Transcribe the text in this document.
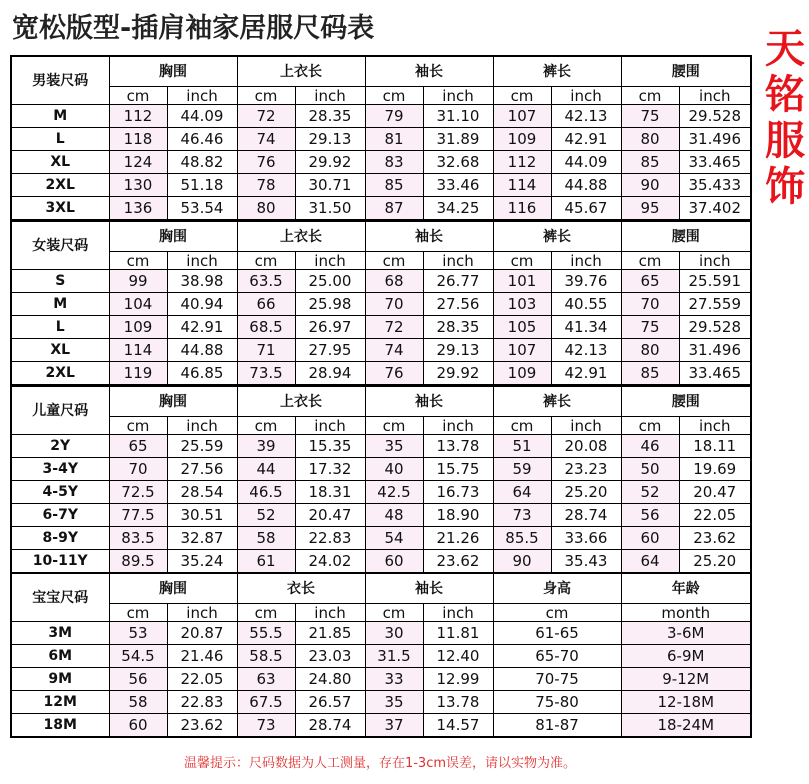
宽松版型-插肩袖家居服尺码表	天
铭
服
饰
男装尺码	胸围		上衣长		袖长		裤长		腰围	
	cm	inch	cm	inch	cm	inch	cm	inch	cm	inch
M	112	44.09	72	28.35	79	31.10	107	42.13	75	29.528
L	118	46.46	74	29.13	81	31.89	109	42.91	80	31.496
XL	124	48.82	76	29.92	83	32.68	112	44.09	85	33.465
2XL	130	51.18	78	30.71	85	33.46	114	44.88	90	35.433
3XL	136	53.54	80	31.50	87	34.25	116	45.67	95	37.402
女装尺码	胸围		上衣长		袖长		裤长		腰围	
	cm	inch	cm	inch	cm	inch	cm	inch	cm	inch
S	99	38.98	63.5	25.00	68	26.77	101	39.76	65	25.591
M	104	40.94	66	25.98	70	27.56	103	40.55	70	27.559
L	109	42.91	68.5	26.97	72	28.35	105	41.34	75	29.528
XL	114	44.88	71	27.95	74	29.13	107	42.13	80	31.496
2XL	119	46.85	73.5	28.94	76	29.92	109	42.91	85	33.465
儿童尺码	胸围		上衣长		袖长		裤长		腰围	
	cm	inch	cm	inch	cm	inch	cm	inch	cm	inch
2Y	65	25.59	39	15.35	35	13.78	51	20.08	46	18.11
3-4Y	70	27.56	44	17.32	40	15.75	59	23.23	50	19.69
4-5Y	72.5	28.54	46.5	18.31	42.5	16.73	64	25.20	52	20.47
6-7Y	77.5	30.51	52	20.47	48	18.90	73	28.74	56	22.05
8-9Y	83.5	32.87	58	22.83	54	21.26	85.5	33.66	60	23.62
10-11Y	89.5	35.24	61	24.02	60	23.62	90	35.43	64	25.20
宝宝尺码	胸围		衣长		袖长		身高	年龄
	cm	inch	cm	inch	cm	inch	cm	month
3M	53	20.87	55.5	21.85	30	11.81	61-65	3-6M
6M	54.5	21.46	58.5	23.03	31.5	12.40	65-70	6-9M
9M	56	22.05	63	24.80	33	12.99	70-75	9-12M
12M	58	22.83	67.5	26.57	35	13.78	75-80	12-18M
18M	60	23.62	73	28.74	37	14.57	81-87	18-24M
温馨提示：尺码数据为人工测量，存在1-3cm误差，请以实物为准。
